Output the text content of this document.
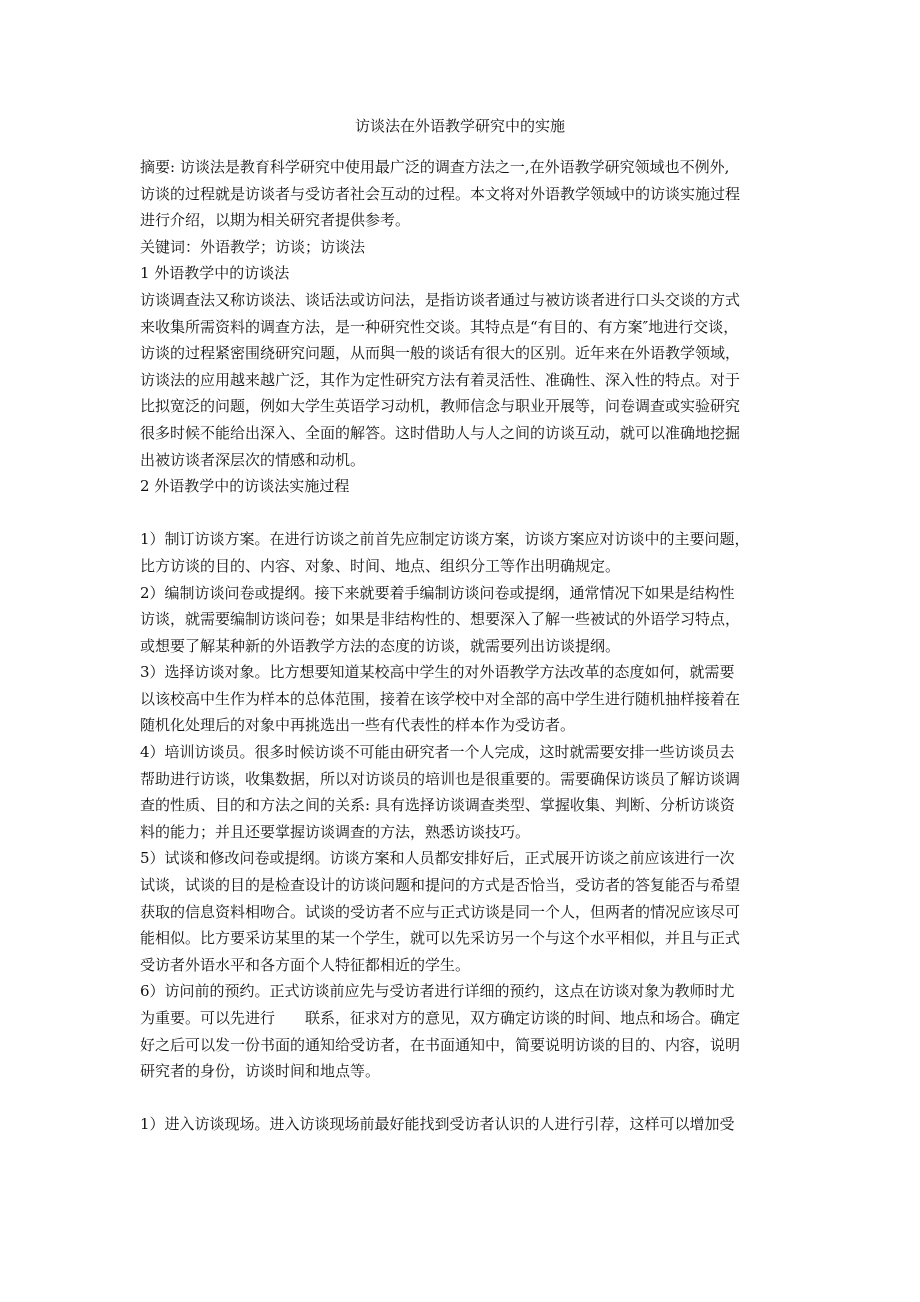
访谈法在外语教学研究中的实施
摘要: 访谈法是教育科学研究中使用最广泛的调查方法之一,在外语教学研究领域也不例外,
访谈的过程就是访谈者与受访者社会互动的过程。本文将对外语教学领域中的访谈实施过程
进行介绍，以期为相关研究者提供参考。
关键词：外语教学；访谈；访谈法
1 外语教学中的访谈法
访谈调查法又称访谈法、谈话法或访问法，是指访谈者通过与被访谈者进行口头交谈的方式
来收集所需资料的调查方法，是一种研究性交谈。其特点是“有目的、有方案″地进行交谈，
访谈的过程紧密围绕研究问题，从而與一般的谈话有很大的区别。近年来在外语教学领域，
访谈法的应用越来越广泛，其作为定性研究方法有着灵活性、准确性、深入性的特点。对于
比拟宽泛的问题，例如大学生英语学习动机，教师信念与职业开展等，问卷调查或实验研究
很多时候不能给出深入、全面的解答。这时借助人与人之间的访谈互动，就可以准确地挖掘
出被访谈者深层次的情感和动机。
2 外语教学中的访谈法实施过程
1）制订访谈方案。在进行访谈之前首先应制定访谈方案，访谈方案应对访谈中的主要问题，
比方访谈的目的、内容、对象、时间、地点、组织分工等作出明确规定。
2）编制访谈问卷或提纲。接下来就要着手编制访谈问卷或提纲，通常情况下如果是结构性
访谈，就需要编制访谈问卷；如果是非结构性的、想要深入了解一些被试的外语学习特点，
或想要了解某种新的外语教学方法的态度的访谈，就需要列出访谈提纲。
3）选择访谈对象。比方想要知道某校高中学生的对外语教学方法改革的态度如何，就需要
以该校高中生作为样本的总体范围，接着在该学校中对全部的高中学生进行随机抽样接着在
随机化处理后的对象中再挑选出一些有代表性的样本作为受访者。
4）培训访谈员。很多时候访谈不可能由研究者一个人完成，这时就需要安排一些访谈员去
帮助进行访谈，收集数据，所以对访谈员的培训也是很重要的。需要确保访谈员了解访谈调
查的性质、目的和方法之间的关系: 具有选择访谈调查类型、掌握收集、判断、分析访谈资
料的能力；并且还要掌握访谈调查的方法，熟悉访谈技巧。
5）试谈和修改问卷或提纲。访谈方案和人员都安排好后，正式展开访谈之前应该进行一次
试谈，试谈的目的是检查设计的访谈问题和提问的方式是否恰当，受访者的答复能否与希望
获取的信息资料相吻合。试谈的受访者不应与正式访谈是同一个人，但两者的情况应该尽可
能相似。比方要采访某里的某一个学生，就可以先采访另一个与这个水平相似，并且与正式
受访者外语水平和各方面个人特征都相近的学生。
6）访问前的预约。正式访谈前应先与受访者进行详细的预约，这点在访谈对象为教师时尤
为重要。可以先进行　　联系，征求对方的意见，双方确定访谈的时间、地点和场合。确定
好之后可以发一份书面的通知给受访者，在书面通知中，简要说明访谈的目的、内容，说明
研究者的身份，访谈时间和地点等。
1）进入访谈现场。进入访谈现场前最好能找到受访者认识的人进行引荐，这样可以增加受
